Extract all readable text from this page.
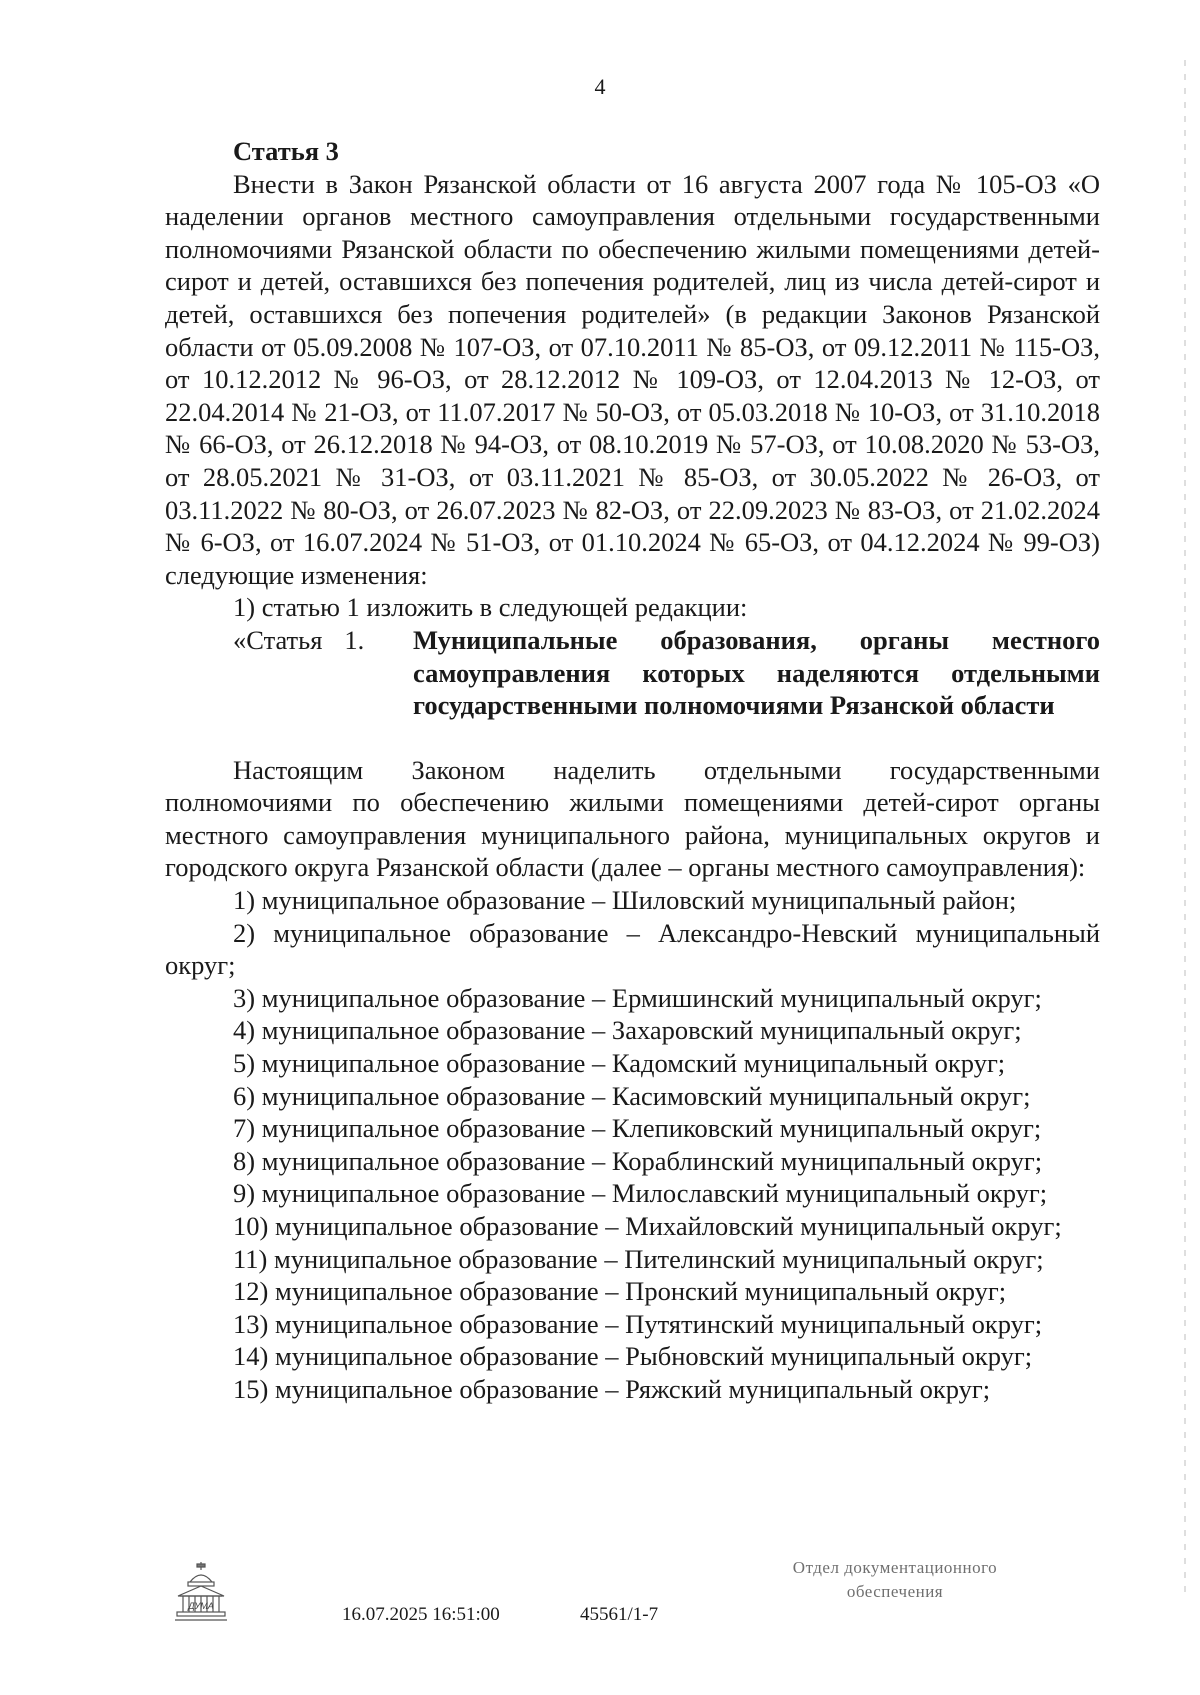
4
Статья 3

Внести в Закон Рязанской области от 16 августа 2007 года № 105-ОЗ «О наделении органов местного самоуправления отдельными государственными полномочиями Рязанской области по обеспечению жилыми помещениями детей-сирот и детей, оставшихся без попечения родителей, лиц из числа детей-сирот и детей, оставшихся без попечения родителей» (в редакции Законов Рязанской области от 05.09.2008 № 107-ОЗ, от 07.10.2011 № 85-ОЗ, от 09.12.2011 № 115-ОЗ, от 10.12.2012 № 96-ОЗ, от 28.12.2012 № 109-ОЗ, от 12.04.2013 № 12-ОЗ, от 22.04.2014 № 21-ОЗ, от 11.07.2017 № 50-ОЗ, от 05.03.2018 № 10-ОЗ, от 31.10.2018 № 66-ОЗ, от 26.12.2018 № 94-ОЗ, от 08.10.2019 № 57-ОЗ, от 10.08.2020 № 53-ОЗ, от 28.05.2021 № 31-ОЗ, от 03.11.2021 № 85-ОЗ, от 30.05.2022 № 26-ОЗ, от 03.11.2022 № 80-ОЗ, от 26.07.2023 № 82-ОЗ, от 22.09.2023 № 83-ОЗ, от 21.02.2024 № 6-ОЗ, от 16.07.2024 № 51-ОЗ, от 01.10.2024 № 65-ОЗ, от 04.12.2024 № 99-ОЗ) следующие изменения:

1) статью 1 изложить в следующей редакции:

«Статья 1.	Муниципальные образования, органы местного самоуправления которых наделяются отдельными государственными полномочиями Рязанской области

Настоящим Законом наделить отдельными государственными полномочиями по обеспечению жилыми помещениями детей-сирот органы местного самоуправления муниципального района, муниципальных округов и городского округа Рязанской области (далее – органы местного самоуправления):

1) муниципальное образование – Шиловский муниципальный район;

2) муниципальное образование – Александро-Невский муниципальный округ;

3) муниципальное образование – Ермишинский муниципальный округ;

4) муниципальное образование – Захаровский муниципальный округ;

5) муниципальное образование – Кадомский муниципальный округ;

6) муниципальное образование – Касимовский муниципальный округ;

7) муниципальное образование – Клепиковский муниципальный округ;

8) муниципальное образование – Кораблинский муниципальный округ;

9) муниципальное образование – Милославский муниципальный округ;

10) муниципальное образование – Михайловский муниципальный округ;

11) муниципальное образование – Пителинский муниципальный округ;

12) муниципальное образование – Пронский муниципальный округ;

13) муниципальное образование – Путятинский муниципальный округ;

14) муниципальное образование – Рыбновский муниципальный округ;

15) муниципальное образование – Ряжский муниципальный округ;

ДУМА	16.07.2025 16:51:00	45561/1-7
Отдел документационного
обеспечения
